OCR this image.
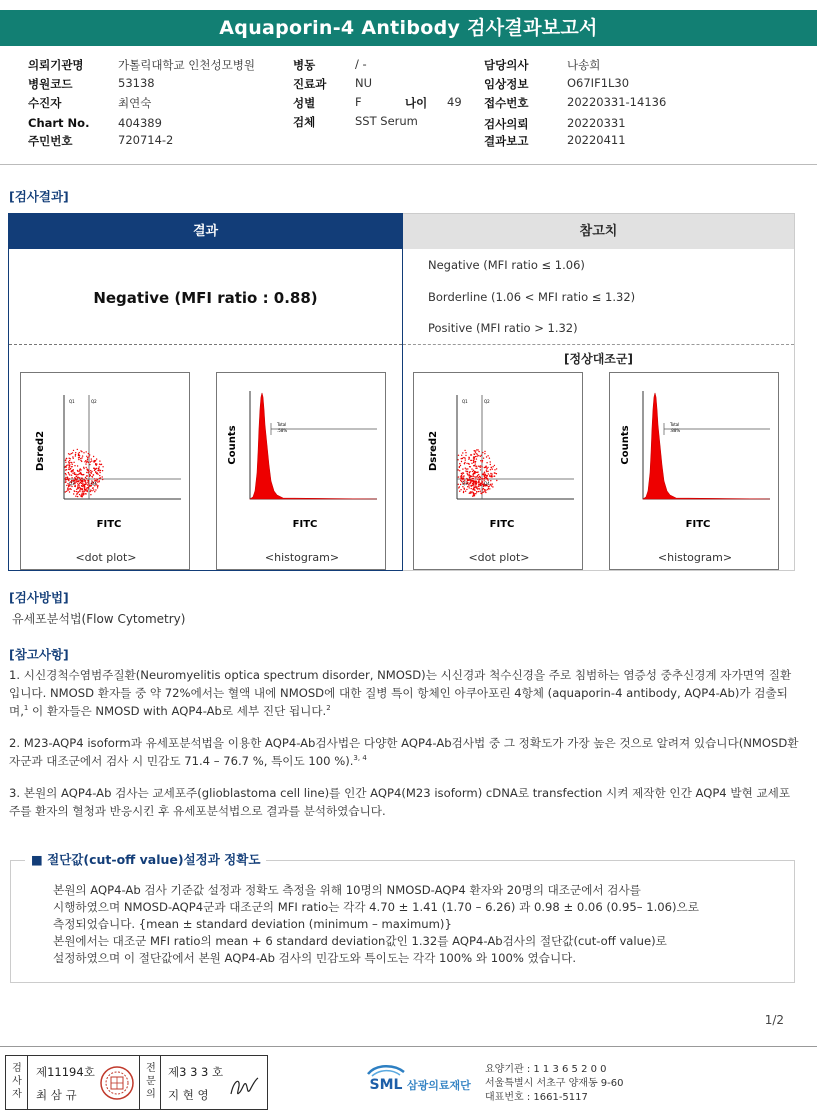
Aquaporin-4 Antibody 검사결과보고서
의뢰기관명	가톨릭대학교 인천성모병원
병원코드	53138
수진자	최연숙
Chart No. 404389
주민번호	720714-2
병동	/ -
진료과 NU
성별	F	나이 49
검체	SST Serum
담당의사	나송희
임상정보	O67IF1L30
접수번호	20220331-14136
검사의뢰	20220331
결과보고	20220411
[검사결과]
결과
Negative (MFI ratio : 0.88)
참고치
Negative (MFI ratio ≤ 1.06)
Borderline (1.06 < MFI ratio ≤ 1.32)
Positive (MFI ratio > 1.32)
[정상대조군]
Q1	Q2
Q3	Q4
Dsred2
FITC
<dot plot>
Total
.58%
Counts
FITC
<histogram>
Q1	Q2
Q3	Q4
Dsred2
FITC
<dot plot>
Total
.88%
Counts
FITC
<histogram>
[검사방법]
유세포분석법(Flow Cytometry)
[참고사항]

1. 시신경척수염범주질환(Neuromyelitis optica spectrum disorder, NMOSD)는 시신경과 척수신경을 주로 침범하는 염증성 중추신경계 자가면역 질환입니다. NMOSD 환자들 중 약 72%에서는 혈액 내에 NMOSD에 대한 질병 특이 항체인 아쿠아포린 4항체 (aquaporin-4 antibody, AQP4-Ab)가 검출되며,$^1$ 이 환자들은 NMOSD with AQP4-Ab로 세부 진단 됩니다.$^2$

2. M23-AQP4 isoform과 유세포분석법을 이용한 AQP4-Ab검사법은 다양한 AQP4-Ab검사법 중 그 정확도가 가장 높은 것으로 알려져 있습니다(NMOSD환자군과 대조군에서 검사 시 민감도 71.4 – 76.7 %, 특이도 100 %).$^{3, 4}$

3. 본원의 AQP4-Ab 검사는 교세포주(glioblastoma cell line)를 인간 AQP4(M23 isoform) cDNA로 transfection 시켜 제작한 인간 AQP4 발현 교세포주를 환자의 혈청과 반응시킨 후 유세포분석법으로 결과를 분석하였습니다.

■ 절단값(cut-off value)설정과 정확도
본원의 AQP4-Ab 검사 기준값 설정과 정확도 측정을 위해 10명의 NMOSD-AQP4 환자와 20명의 대조군에서 검사를
시행하였으며 NMOSD-AQP4군과 대조군의 MFI ratio는 각각 4.70 ± 1.41 (1.70 – 6.26) 과 0.98 ± 0.06 (0.95– 1.06)으로
측정되었습니다. {mean ± standard deviation (minimum – maximum)}
본원에서는 대조군 MFI ratio의 mean + 6 standard deviation값인 1.32를 AQP4-Ab검사의 절단값(cut-off value)로
설정하였으며 이 절단값에서 본원 AQP4-Ab 검사의 민감도와 특이도는 각각 100% 와 100% 였습니다.
1/2
검사자
제11194호
최 삼 규
전문의
제3 3 3 호
지 현 영
SML 삼광의료재단
요양기관 : 1 1 3 6 5 2 0 0
서울특별시 서초구 양재동 9-60
대표번호 : 1661-5117
